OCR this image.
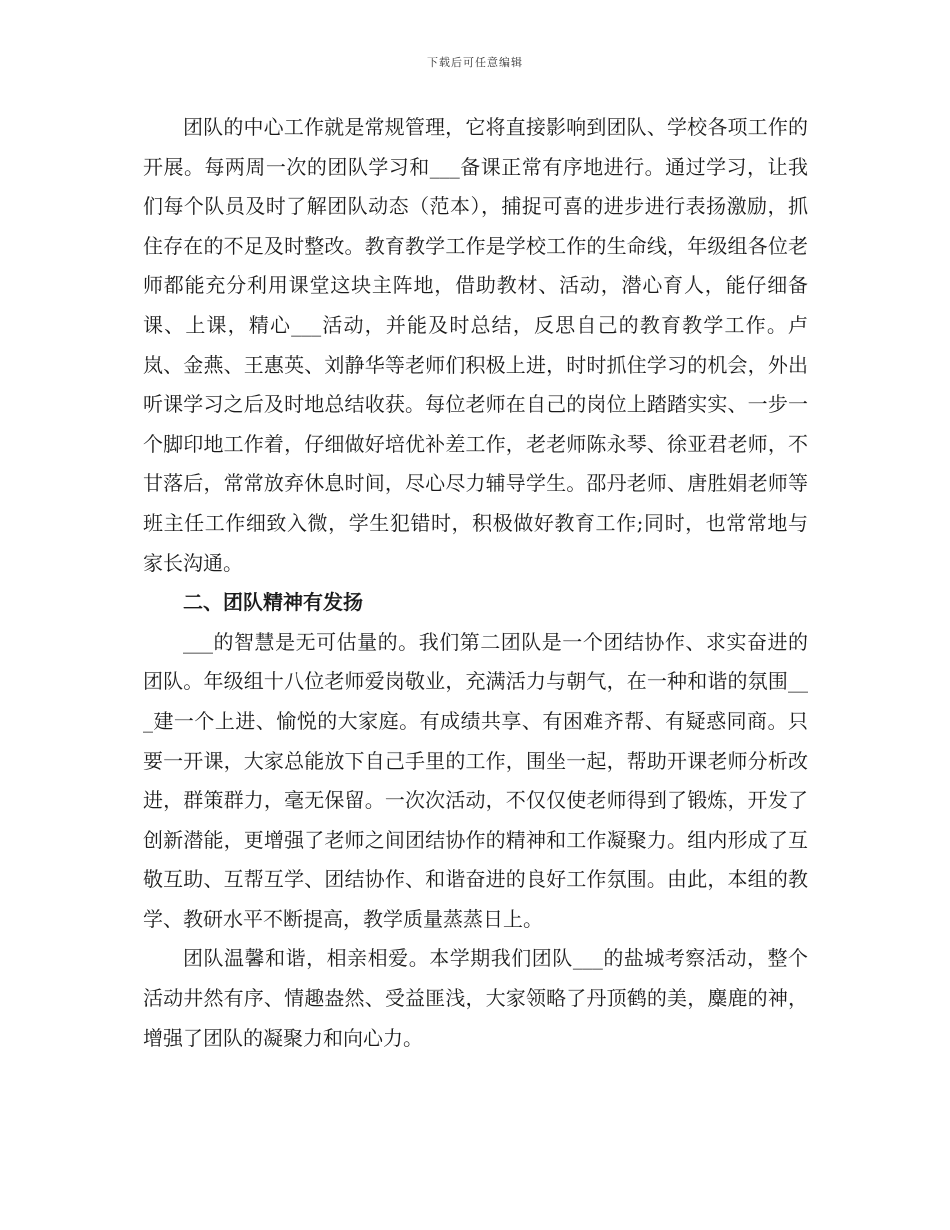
下载后可任意编辑

团队的中心工作就是常规管理，它将直接影响到团队、学校各项工作的开展。每两周一次的团队学习和___备课正常有序地进行。通过学习，让我们每个队员及时了解团队动态（范本），捕捉可喜的进步进行表扬激励，抓住存在的不足及时整改。教育教学工作是学校工作的生命线，年级组各位老师都能充分利用课堂这块主阵地，借助教材、活动，潜心育人，能仔细备课、上课，精心___活动，并能及时总结，反思自己的教育教学工作。卢岚、金燕、王惠英、刘静华等老师们积极上进，时时抓住学习的机会，外出听课学习之后及时地总结收获。每位老师在自己的岗位上踏踏实实、一步一个脚印地工作着，仔细做好培优补差工作，老老师陈永琴、徐亚君老师，不甘落后，常常放弃休息时间，尽心尽力辅导学生。邵丹老师、唐胜娟老师等班主任工作细致入微，学生犯错时，积极做好教育工作;同时，也常常地与家长沟通。

二、团队精神有发扬

___的智慧是无可估量的。我们第二团队是一个团结协作、求实奋进的团队。年级组十八位老师爱岗敬业，充满活力与朝气，在一种和谐的氛围___建一个上进、愉悦的大家庭。有成绩共享、有困难齐帮、有疑惑同商。只要一开课，大家总能放下自己手里的工作，围坐一起，帮助开课老师分析改进，群策群力，毫无保留。一次次活动，不仅仅使老师得到了锻炼，开发了创新潜能，更增强了老师之间团结协作的精神和工作凝聚力。组内形成了互敬互助、互帮互学、团结协作、和谐奋进的良好工作氛围。由此，本组的教学、教研水平不断提高，教学质量蒸蒸日上。

团队温馨和谐，相亲相爱。本学期我们团队___的盐城考察活动，整个活动井然有序、情趣盎然、受益匪浅，大家领略了丹顶鹤的美，麋鹿的神，增强了团队的凝聚力和向心力。
